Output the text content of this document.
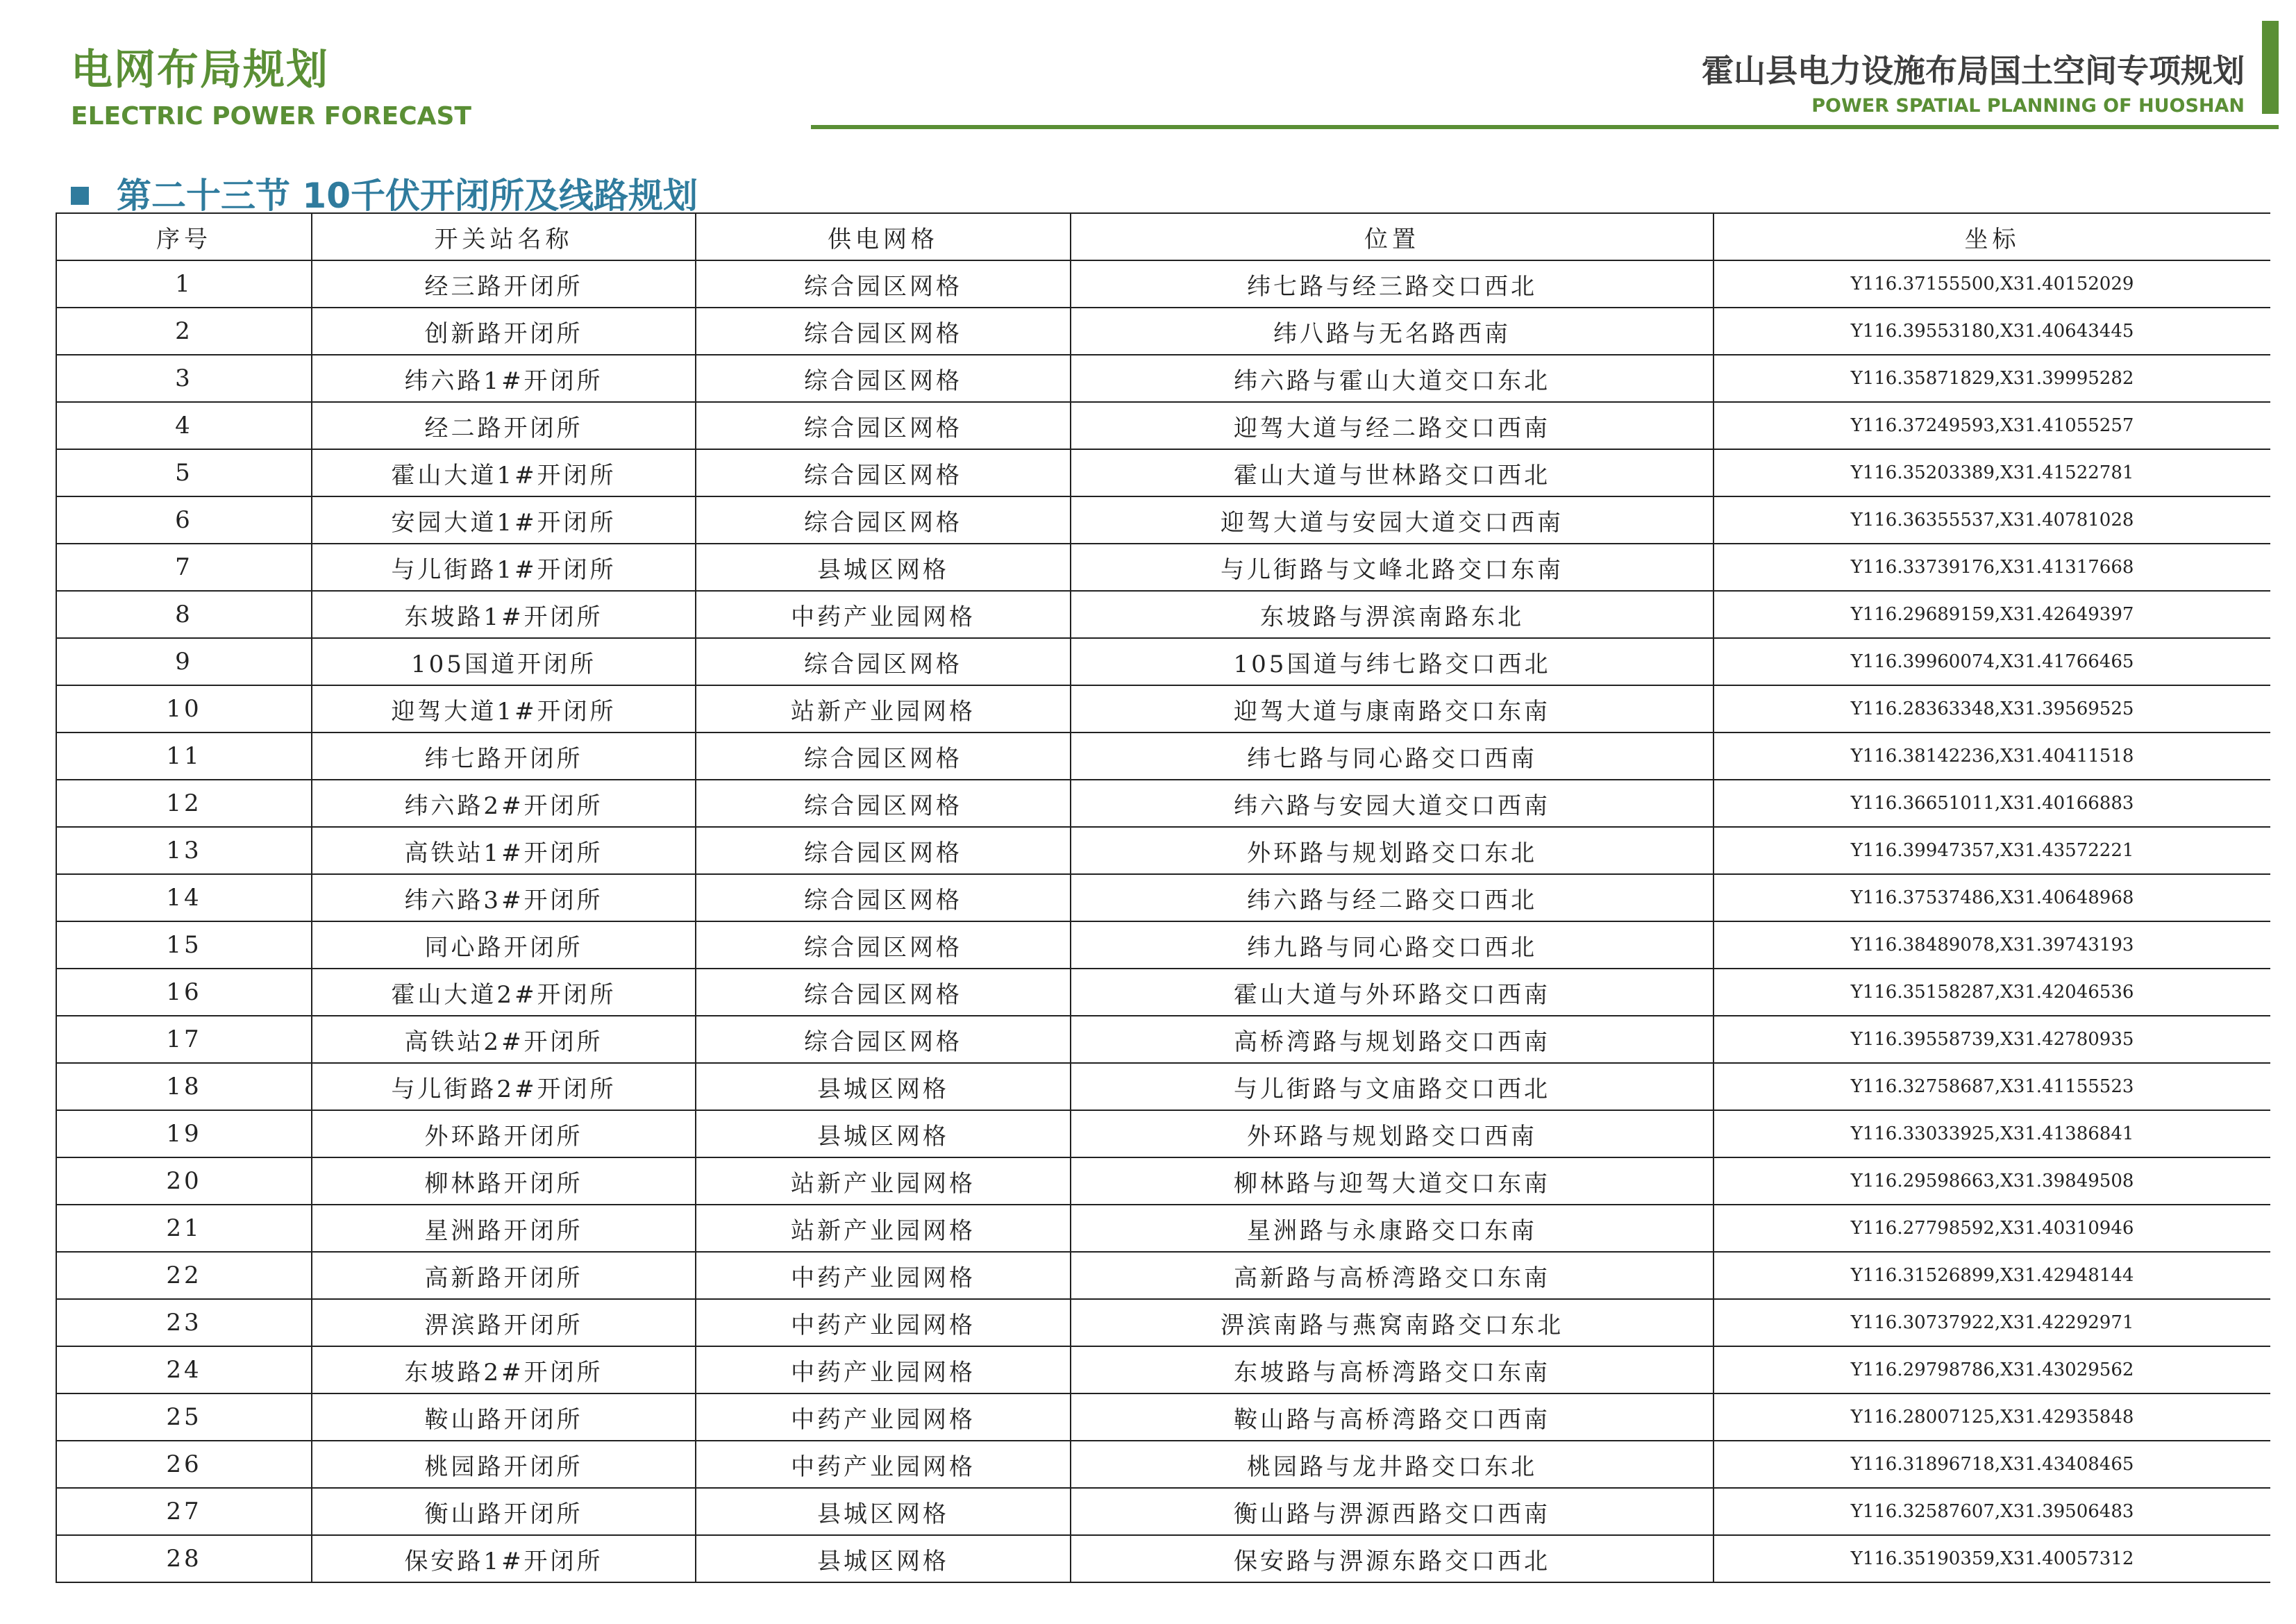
电网布局规划
ELECTRIC POWER FORECAST
霍山县电力设施布局国土空间专项规划
POWER SPATIAL PLANNING OF HUOSHAN
第二十三节 10千伏开闭所及线路规划
序号	开关站名称	供电网格	位置	坐标
1	经三路开闭所	综合园区网格	纬七路与经三路交口西北	Y116.37155500,X31.40152029
2	创新路开闭所	综合园区网格	纬八路与无名路西南	Y116.39553180,X31.40643445
3	纬六路1#开闭所	综合园区网格	纬六路与霍山大道交口东北	Y116.35871829,X31.39995282
4	经二路开闭所	综合园区网格	迎驾大道与经二路交口西南	Y116.37249593,X31.41055257
5	霍山大道1#开闭所	综合园区网格	霍山大道与世林路交口西北	Y116.35203389,X31.41522781
6	安园大道1#开闭所	综合园区网格	迎驾大道与安园大道交口西南	Y116.36355537,X31.40781028
7	与儿街路1#开闭所	县城区网格	与儿街路与文峰北路交口东南	Y116.33739176,X31.41317668
8	东坡路1#开闭所	中药产业园网格	东坡路与淠滨南路东北	Y116.29689159,X31.42649397
9	105国道开闭所	综合园区网格	105国道与纬七路交口西北	Y116.39960074,X31.41766465
10	迎驾大道1#开闭所	站新产业园网格	迎驾大道与康南路交口东南	Y116.28363348,X31.39569525
11	纬七路开闭所	综合园区网格	纬七路与同心路交口西南	Y116.38142236,X31.40411518
12	纬六路2#开闭所	综合园区网格	纬六路与安园大道交口西南	Y116.36651011,X31.40166883
13	高铁站1#开闭所	综合园区网格	外环路与规划路交口东北	Y116.39947357,X31.43572221
14	纬六路3#开闭所	综合园区网格	纬六路与经二路交口西北	Y116.37537486,X31.40648968
15	同心路开闭所	综合园区网格	纬九路与同心路交口西北	Y116.38489078,X31.39743193
16	霍山大道2#开闭所	综合园区网格	霍山大道与外环路交口西南	Y116.35158287,X31.42046536
17	高铁站2#开闭所	综合园区网格	高桥湾路与规划路交口西南	Y116.39558739,X31.42780935
18	与儿街路2#开闭所	县城区网格	与儿街路与文庙路交口西北	Y116.32758687,X31.41155523
19	外环路开闭所	县城区网格	外环路与规划路交口西南	Y116.33033925,X31.41386841
20	柳林路开闭所	站新产业园网格	柳林路与迎驾大道交口东南	Y116.29598663,X31.39849508
21	星洲路开闭所	站新产业园网格	星洲路与永康路交口东南	Y116.27798592,X31.40310946
22	高新路开闭所	中药产业园网格	高新路与高桥湾路交口东南	Y116.31526899,X31.42948144
23	淠滨路开闭所	中药产业园网格	淠滨南路与燕窝南路交口东北	Y116.30737922,X31.42292971
24	东坡路2#开闭所	中药产业园网格	东坡路与高桥湾路交口东南	Y116.29798786,X31.43029562
25	鞍山路开闭所	中药产业园网格	鞍山路与高桥湾路交口西南	Y116.28007125,X31.42935848
26	桃园路开闭所	中药产业园网格	桃园路与龙井路交口东北	Y116.31896718,X31.43408465
27	衡山路开闭所	县城区网格	衡山路与淠源西路交口西南	Y116.32587607,X31.39506483
28	保安路1#开闭所	县城区网格	保安路与淠源东路交口西北	Y116.35190359,X31.40057312
